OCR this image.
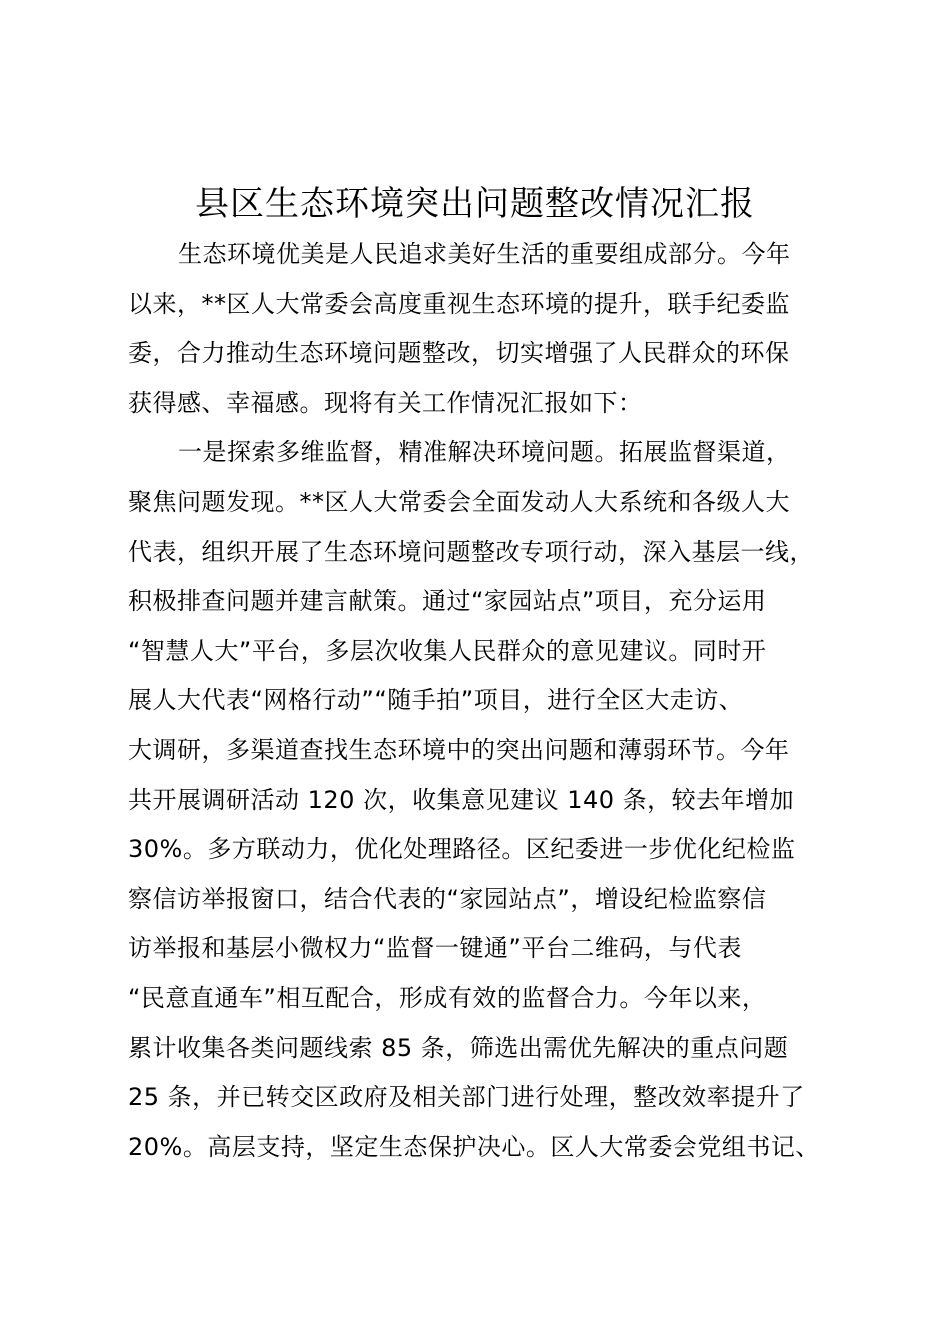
县区生态环境突出问题整改情况汇报
生态环境优美是人民追求美好生活的重要组成部分。今年
以来，**区人大常委会高度重视生态环境的提升，联手纪委监
委，合力推动生态环境问题整改，切实增强了人民群众的环保
获得感、幸福感。现将有关工作情况汇报如下：
一是探索多维监督，精准解决环境问题。拓展监督渠道，
聚焦问题发现。**区人大常委会全面发动人大系统和各级人大
代表，组织开展了生态环境问题整改专项行动，深入基层一线，
积极排查问题并建言献策。通过“家园站点”项目，充分运用
“智慧人大”平台，多层次收集人民群众的意见建议。同时开
展人大代表“网格行动”“随手拍”项目，进行全区大走访、
大调研，多渠道查找生态环境中的突出问题和薄弱环节。今年
共开展调研活动 120 次，收集意见建议 140 条，较去年增加
30%。多方联动力，优化处理路径。区纪委进一步优化纪检监
察信访举报窗口，结合代表的“家园站点”，增设纪检监察信
访举报和基层小微权力“监督一键通”平台二维码，与代表
“民意直通车”相互配合，形成有效的监督合力。今年以来，
累计收集各类问题线索 85 条，筛选出需优先解决的重点问题
25 条，并已转交区政府及相关部门进行处理，整改效率提升了
20%。高层支持，坚定生态保护决心。区人大常委会党组书记、
